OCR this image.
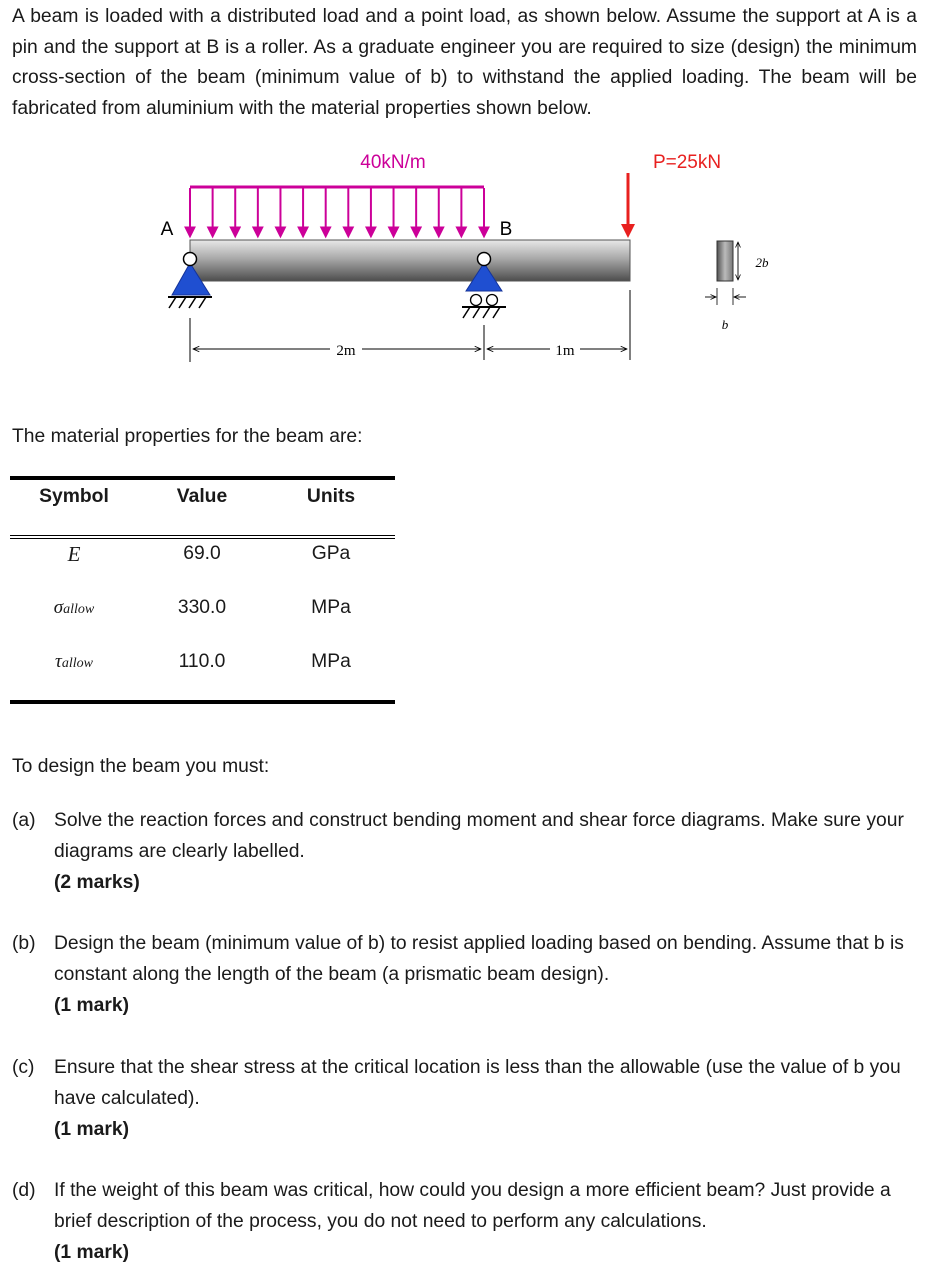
A beam is loaded with a distributed load and a point load, as shown below. Assume the support at A is a pin and the support at B is a roller. As a graduate engineer you are required to size (design) the minimum cross-section of the beam (minimum value of b) to withstand the applied loading. The beam will be fabricated from aluminium with the material properties shown below.

40kN/m	P=25kN
A	B
2m	1m
2b
b

The material properties for the beam are:

Symbol	Value	Units
E	69.0	GPa
σallow	330.0	MPa
τallow	110.0	MPa

To design the beam you must:

(a) Solve the reaction forces and construct bending moment and shear force diagrams. Make sure your diagrams are clearly labelled.
(2 marks)
(b) Design the beam (minimum value of b) to resist applied loading based on bending. Assume that b is constant along the length of the beam (a prismatic beam design).
(1 mark)
(c) Ensure that the shear stress at the critical location is less than the allowable (use the value of b you have calculated).
(1 mark)
(d) If the weight of this beam was critical, how could you design a more efficient beam? Just provide a brief description of the process, you do not need to perform any calculations.
(1 mark)
